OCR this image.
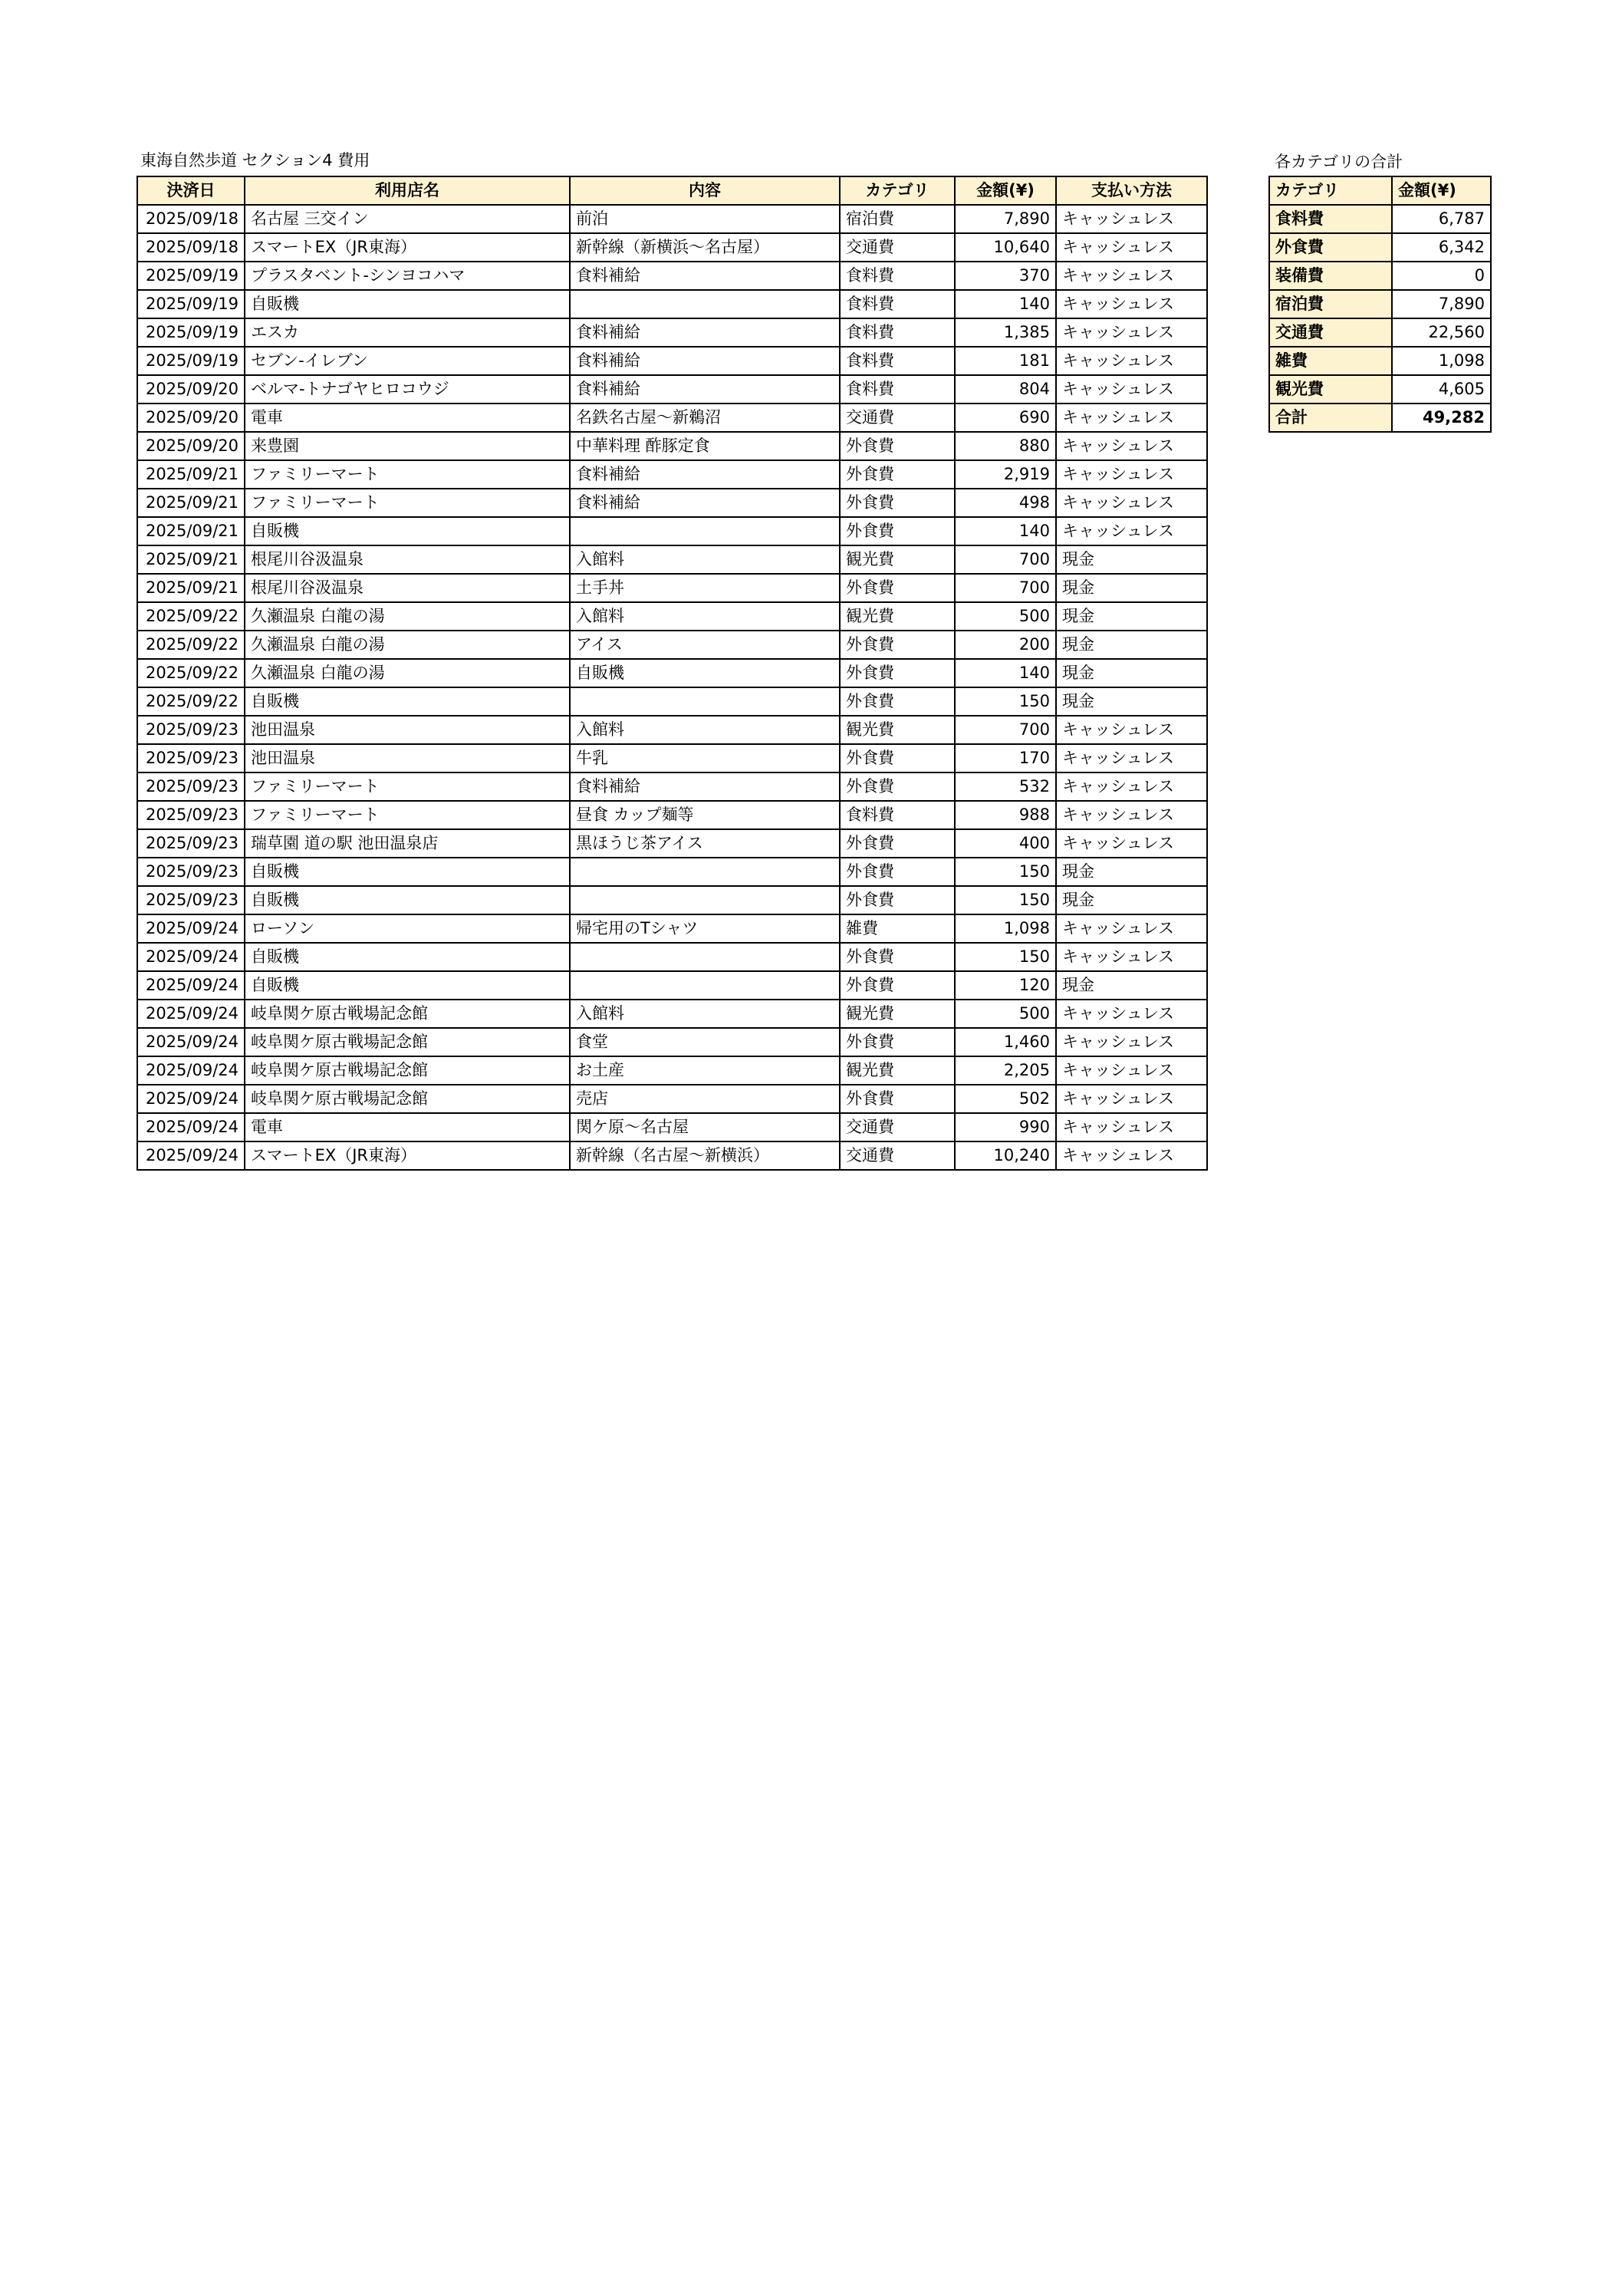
東海自然歩道 セクション4 費用
決済日	利用店名	内容	カテゴリ	金額(¥)	支払い方法
2025/09/18	名古屋 三交イン	前泊	宿泊費	7,890	キャッシュレス
2025/09/18	スマートEX（JR東海）	新幹線（新横浜～名古屋）	交通費	10,640	キャッシュレス
2025/09/19	プラスタベント-シンヨコハマ	食料補給	食料費	370	キャッシュレス
2025/09/19	自販機		食料費	140	キャッシュレス
2025/09/19	エスカ	食料補給	食料費	1,385	キャッシュレス
2025/09/19	セブン-イレブン	食料補給	食料費	181	キャッシュレス
2025/09/20	ベルマ-トナゴヤヒロコウジ	食料補給	食料費	804	キャッシュレス
2025/09/20	電車	名鉄名古屋～新鵜沼	交通費	690	キャッシュレス
2025/09/20	来豊園	中華料理 酢豚定食	外食費	880	キャッシュレス
2025/09/21	ファミリーマート	食料補給	外食費	2,919	キャッシュレス
2025/09/21	ファミリーマート	食料補給	外食費	498	キャッシュレス
2025/09/21	自販機		外食費	140	キャッシュレス
2025/09/21	根尾川谷汲温泉	入館料	観光費	700	現金
2025/09/21	根尾川谷汲温泉	土手丼	外食費	700	現金
2025/09/22	久瀬温泉 白龍の湯	入館料	観光費	500	現金
2025/09/22	久瀬温泉 白龍の湯	アイス	外食費	200	現金
2025/09/22	久瀬温泉 白龍の湯	自販機	外食費	140	現金
2025/09/22	自販機		外食費	150	現金
2025/09/23	池田温泉	入館料	観光費	700	キャッシュレス
2025/09/23	池田温泉	牛乳	外食費	170	キャッシュレス
2025/09/23	ファミリーマート	食料補給	外食費	532	キャッシュレス
2025/09/23	ファミリーマート	昼食 カップ麺等	食料費	988	キャッシュレス
2025/09/23	瑞草園 道の駅 池田温泉店	黒ほうじ茶アイス	外食費	400	キャッシュレス
2025/09/23	自販機		外食費	150	現金
2025/09/23	自販機		外食費	150	現金
2025/09/24	ローソン	帰宅用のTシャツ	雑費	1,098	キャッシュレス
2025/09/24	自販機		外食費	150	キャッシュレス
2025/09/24	自販機		外食費	120	現金
2025/09/24	岐阜関ケ原古戦場記念館	入館料	観光費	500	キャッシュレス
2025/09/24	岐阜関ケ原古戦場記念館	食堂	外食費	1,460	キャッシュレス
2025/09/24	岐阜関ケ原古戦場記念館	お土産	観光費	2,205	キャッシュレス
2025/09/24	岐阜関ケ原古戦場記念館	売店	外食費	502	キャッシュレス
2025/09/24	電車	関ケ原～名古屋	交通費	990	キャッシュレス
2025/09/24	スマートEX（JR東海）	新幹線（名古屋～新横浜）	交通費	10,240	キャッシュレス
各カテゴリの合計
カテゴリ	金額(¥)
食料費	6,787
外食費	6,342
装備費	0
宿泊費	7,890
交通費	22,560
雑費	1,098
観光費	4,605
合計	49,282
